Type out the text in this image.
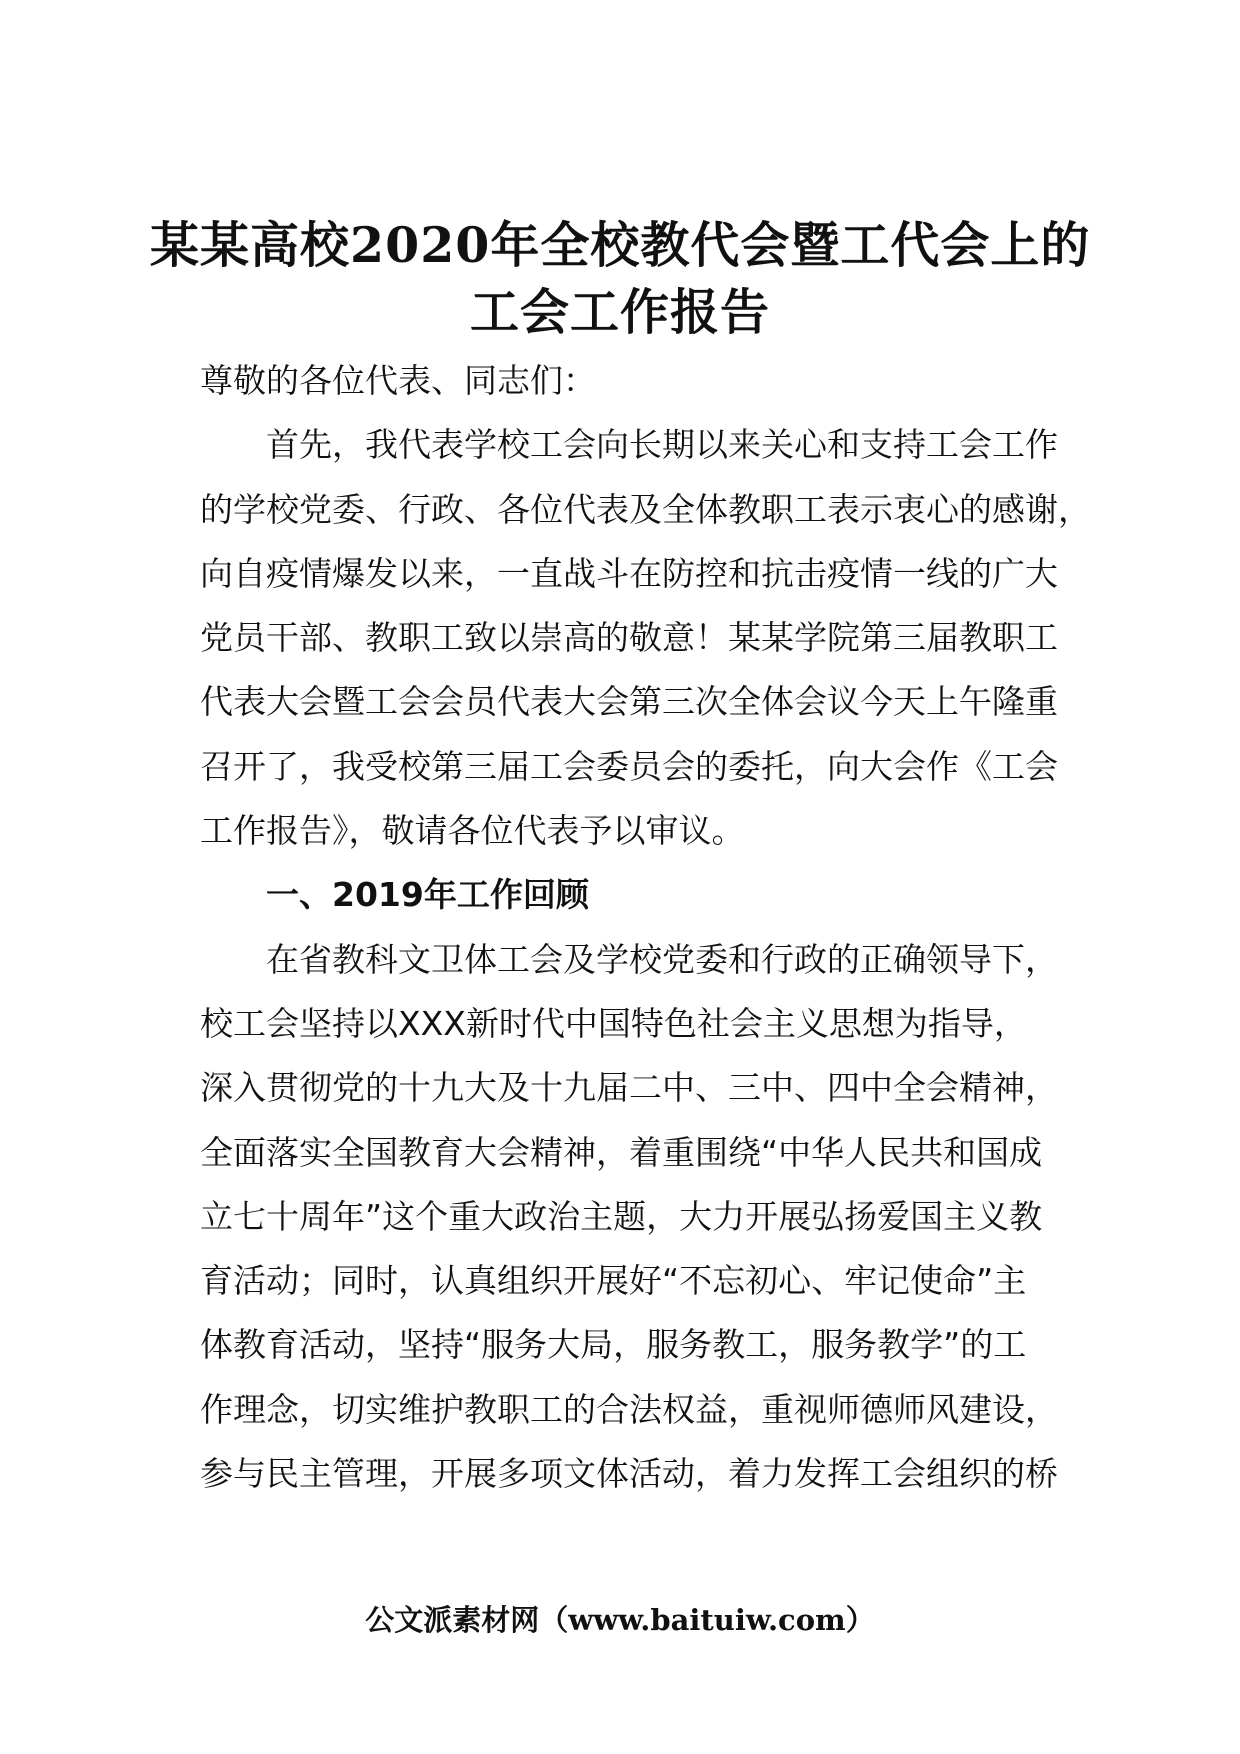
某某高校2020年全校教代会暨工代会上的
工会工作报告
尊敬的各位代表、同志们：
首先，我代表学校工会向长期以来关心和支持工会工作
的学校党委、行政、各位代表及全体教职工表示衷心的感谢，
向自疫情爆发以来，一直战斗在防控和抗击疫情一线的广大
党员干部、教职工致以崇高的敬意！某某学院第三届教职工
代表大会暨工会会员代表大会第三次全体会议今天上午隆重
召开了，我受校第三届工会委员会的委托，向大会作《工会
工作报告》，敬请各位代表予以审议。
一、2019年工作回顾
在省教科文卫体工会及学校党委和行政的正确领导下，
校工会坚持以XXX新时代中国特色社会主义思想为指导，
深入贯彻党的十九大及十九届二中、三中、四中全会精神，
全面落实全国教育大会精神，着重围绕“中华人民共和国成
立七十周年”这个重大政治主题，大力开展弘扬爱国主义教
育活动；同时，认真组织开展好“不忘初心、牢记使命”主
体教育活动，坚持“服务大局，服务教工，服务教学”的工
作理念，切实维护教职工的合法权益，重视师德师风建设，
参与民主管理，开展多项文体活动，着力发挥工会组织的桥
公文派素材网（www.baituiw.com）
